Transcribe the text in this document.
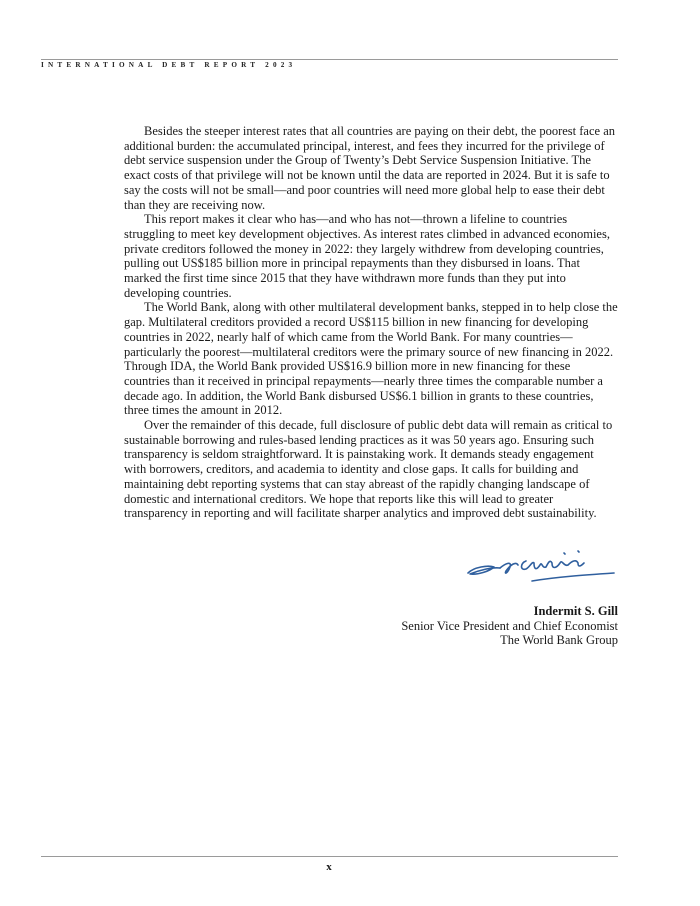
INTERNATIONAL DEBT REPORT 2023

Besides the steeper interest rates that all countries are paying on their debt, the poorest face an additional burden: the accumulated principal, interest, and fees they incurred for the privilege of debt service suspension under the Group of Twenty’s Debt Service Suspension Initiative. The exact costs of that privilege will not be known until the data are reported in 2024. But it is safe to say the costs will not be small—and poor countries will need more global help to ease their debt than they are receiving now.

This report makes it clear who has—and who has not—thrown a lifeline to countries struggling to meet key development objectives. As interest rates climbed in advanced economies, private creditors followed the money in 2022: they largely withdrew from developing countries, pulling out US$185 billion more in principal repayments than they disbursed in loans. That marked the first time since 2015 that they have withdrawn more funds than they put into developing countries.

The World Bank, along with other multilateral development banks, stepped in to help close the gap. Multilateral creditors provided a record US$115 billion in new financing for developing countries in 2022, nearly half of which came from the World Bank. For many countries—particularly the poorest—multilateral creditors were the primary source of new financing in 2022. Through IDA, the World Bank provided US$16.9 billion more in new financing for these countries than it received in principal repayments—nearly three times the comparable number a decade ago. In addition, the World Bank disbursed US$6.1 billion in grants to these countries, three times the amount in 2012.

Over the remainder of this decade, full disclosure of public debt data will remain as critical to sustainable borrowing and rules-based lending practices as it was 50 years ago. Ensuring such transparency is seldom straightforward. It is painstaking work. It demands steady engagement with borrowers, creditors, and academia to identity and close gaps. It calls for building and maintaining debt reporting systems that can stay abreast of the rapidly changing landscape of domestic and international creditors. We hope that reports like this will lead to greater transparency in reporting and will facilitate sharper analytics and improved debt sustainability.

Indermit S. Gill
Senior Vice President and Chief Economist
The World Bank Group
x
